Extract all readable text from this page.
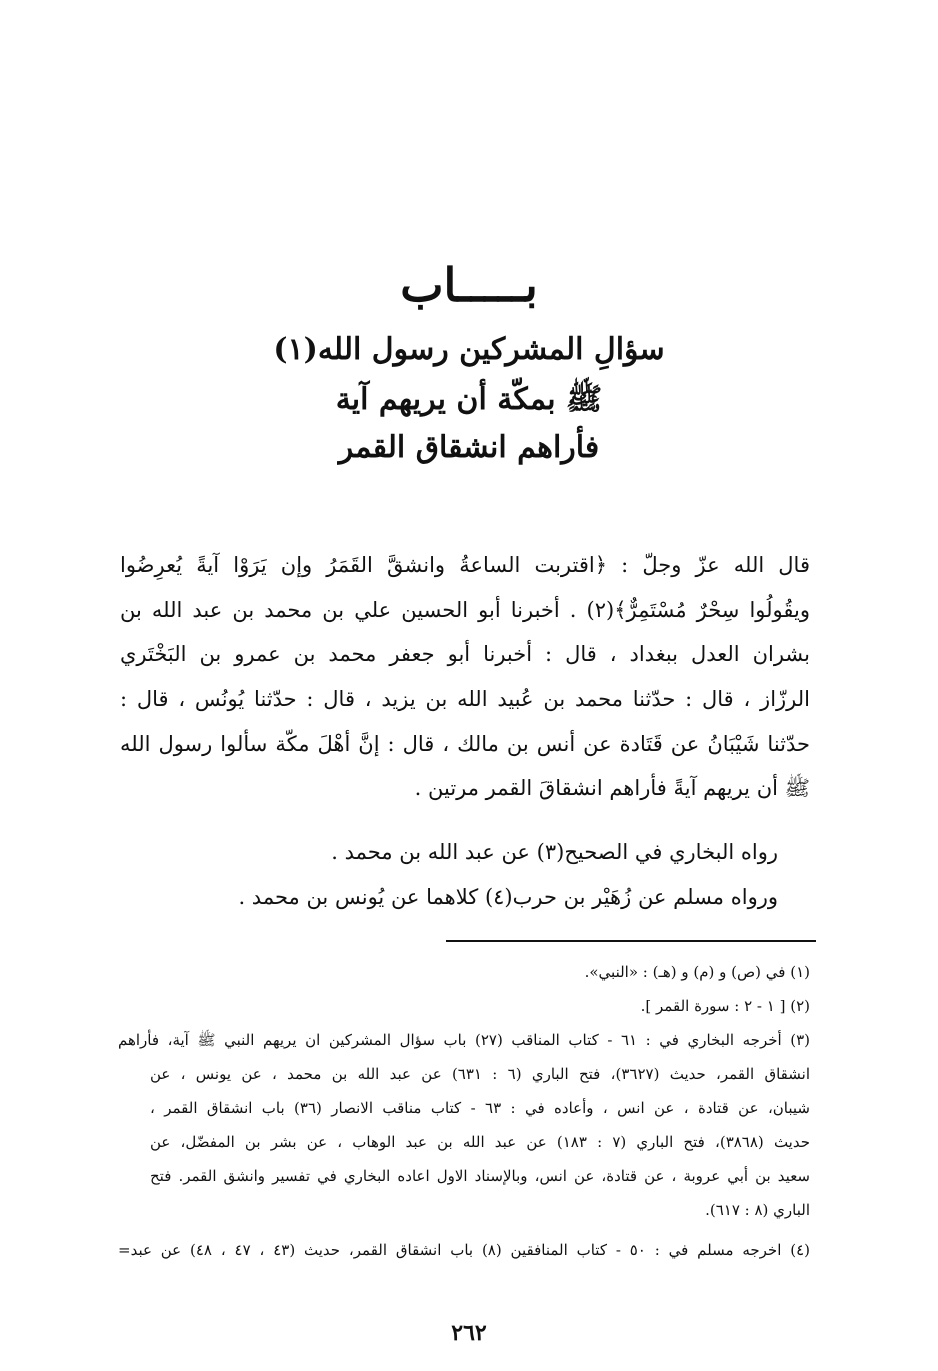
بـــــاب
سؤالِ المشركين رسول الله(١)
ﷺ بمكّة أن يريهم آية
فأراهم انشقاق القمر
قال الله عزّ وجلّ : ﴿اقتربت الساعةُ وانشقَّ القَمَرُ وإن يَرَوْا آيةً يُعرِضُوا
ويقُولُوا سِحْرٌ مُسْتَمِرٌّ﴾(٢) . أخبرنا أبو الحسين علي بن محمد بن عبد الله بن
بشران العدل ببغداد ، قال : أخبرنا أبو جعفر محمد بن عمرو بن البَخْتَري
الرزّاز ، قال : حدّثنا محمد بن عُبيد الله بن يزيد ، قال : حدّثنا يُونُس ، قال :
حدّثنا شَيْبَانُ عن قَتَادة عن أنس بن مالك ، قال : إنَّ أهْلَ مكّة سألوا رسول الله
ﷺ أن يريهم آيةً فأراهم انشقاقَ القمر مرتين .
رواه البخاري في الصحيح(٣) عن عبد الله بن محمد .
ورواه مسلم عن زُهَيْر بن حرب(٤) كلاهما عن يُونس بن محمد .
(١) في (ص) و (م) و (هـ) : «النبي».
(٢) [ ١ - ٢ : سورة القمر ].
(٣) أخرجه البخاري في : ٦١ - كتاب المناقب (٢٧) باب سؤال المشركين ان يريهم النبي ﷺ آية، فأراهم
انشقاق القمر، حديث (٣٦٢٧)، فتح الباري (٦ : ٦٣١) عن عبد الله بن محمد ، عن يونس ، عن
شيبان، عن قتادة ، عن انس ، وأعاده في : ٦٣ - كتاب مناقب الانصار (٣٦) باب انشقاق القمر ،
حديث (٣٨٦٨)، فتح الباري (٧ : ١٨٣) عن عبد الله بن عبد الوهاب ، عن بشر بن المفضّل، عن
سعيد بن أبي عروبة ، عن قتادة، عن انس، وبالإسناد الاول اعاده البخاري في تفسير وانشق القمر. فتح
الباري (٨ : ٦١٧).
(٤) اخرجه مسلم في : ٥٠ - كتاب المنافقين (٨) باب انشقاق القمر، حديث (٤٣ ، ٤٧ ، ٤٨) عن عبد=
٢٦٢
